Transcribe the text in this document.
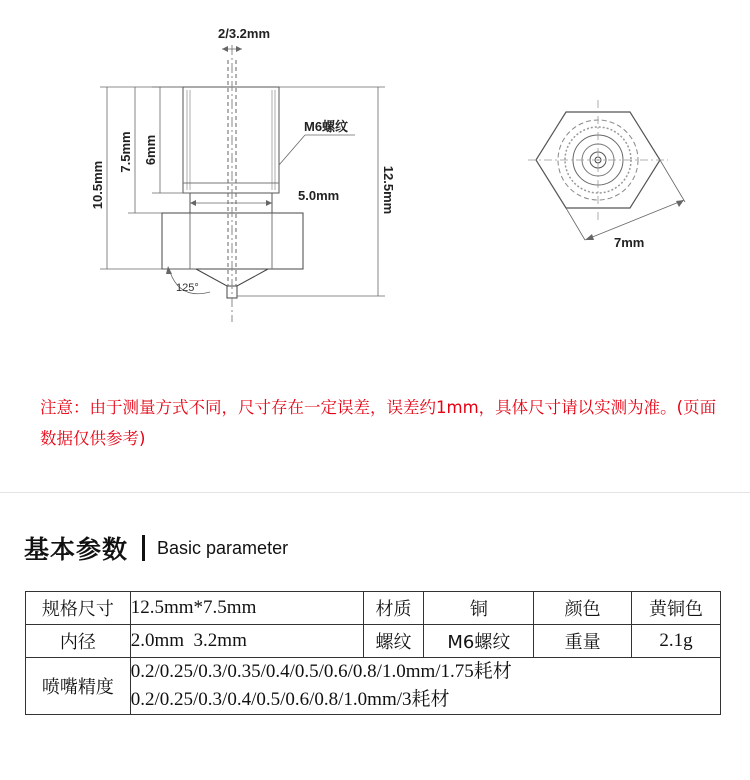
2/3.2mm
6mm
7.5mm
10.5mm	12.5mm
5.0mm
M6螺纹
125°
7mm
注意：由于测量方式不同，尺寸存在一定误差，误差约1mm，具体尺寸请以实测为准。(页面数据仅供参考)
基本参数 Basic parameter
规格尺寸	12.5mm*7.5mm	材质	铜	颜色	黄铜色
内径	2.0mm  3.2mm	螺纹	M6螺纹	重量	2.1g
喷嘴精度	0.2/0.25/0.3/0.35/0.4/0.5/0.6/0.8/1.0mm/1.75耗材
0.2/0.25/0.3/0.4/0.5/0.6/0.8/1.0mm/3耗材				
